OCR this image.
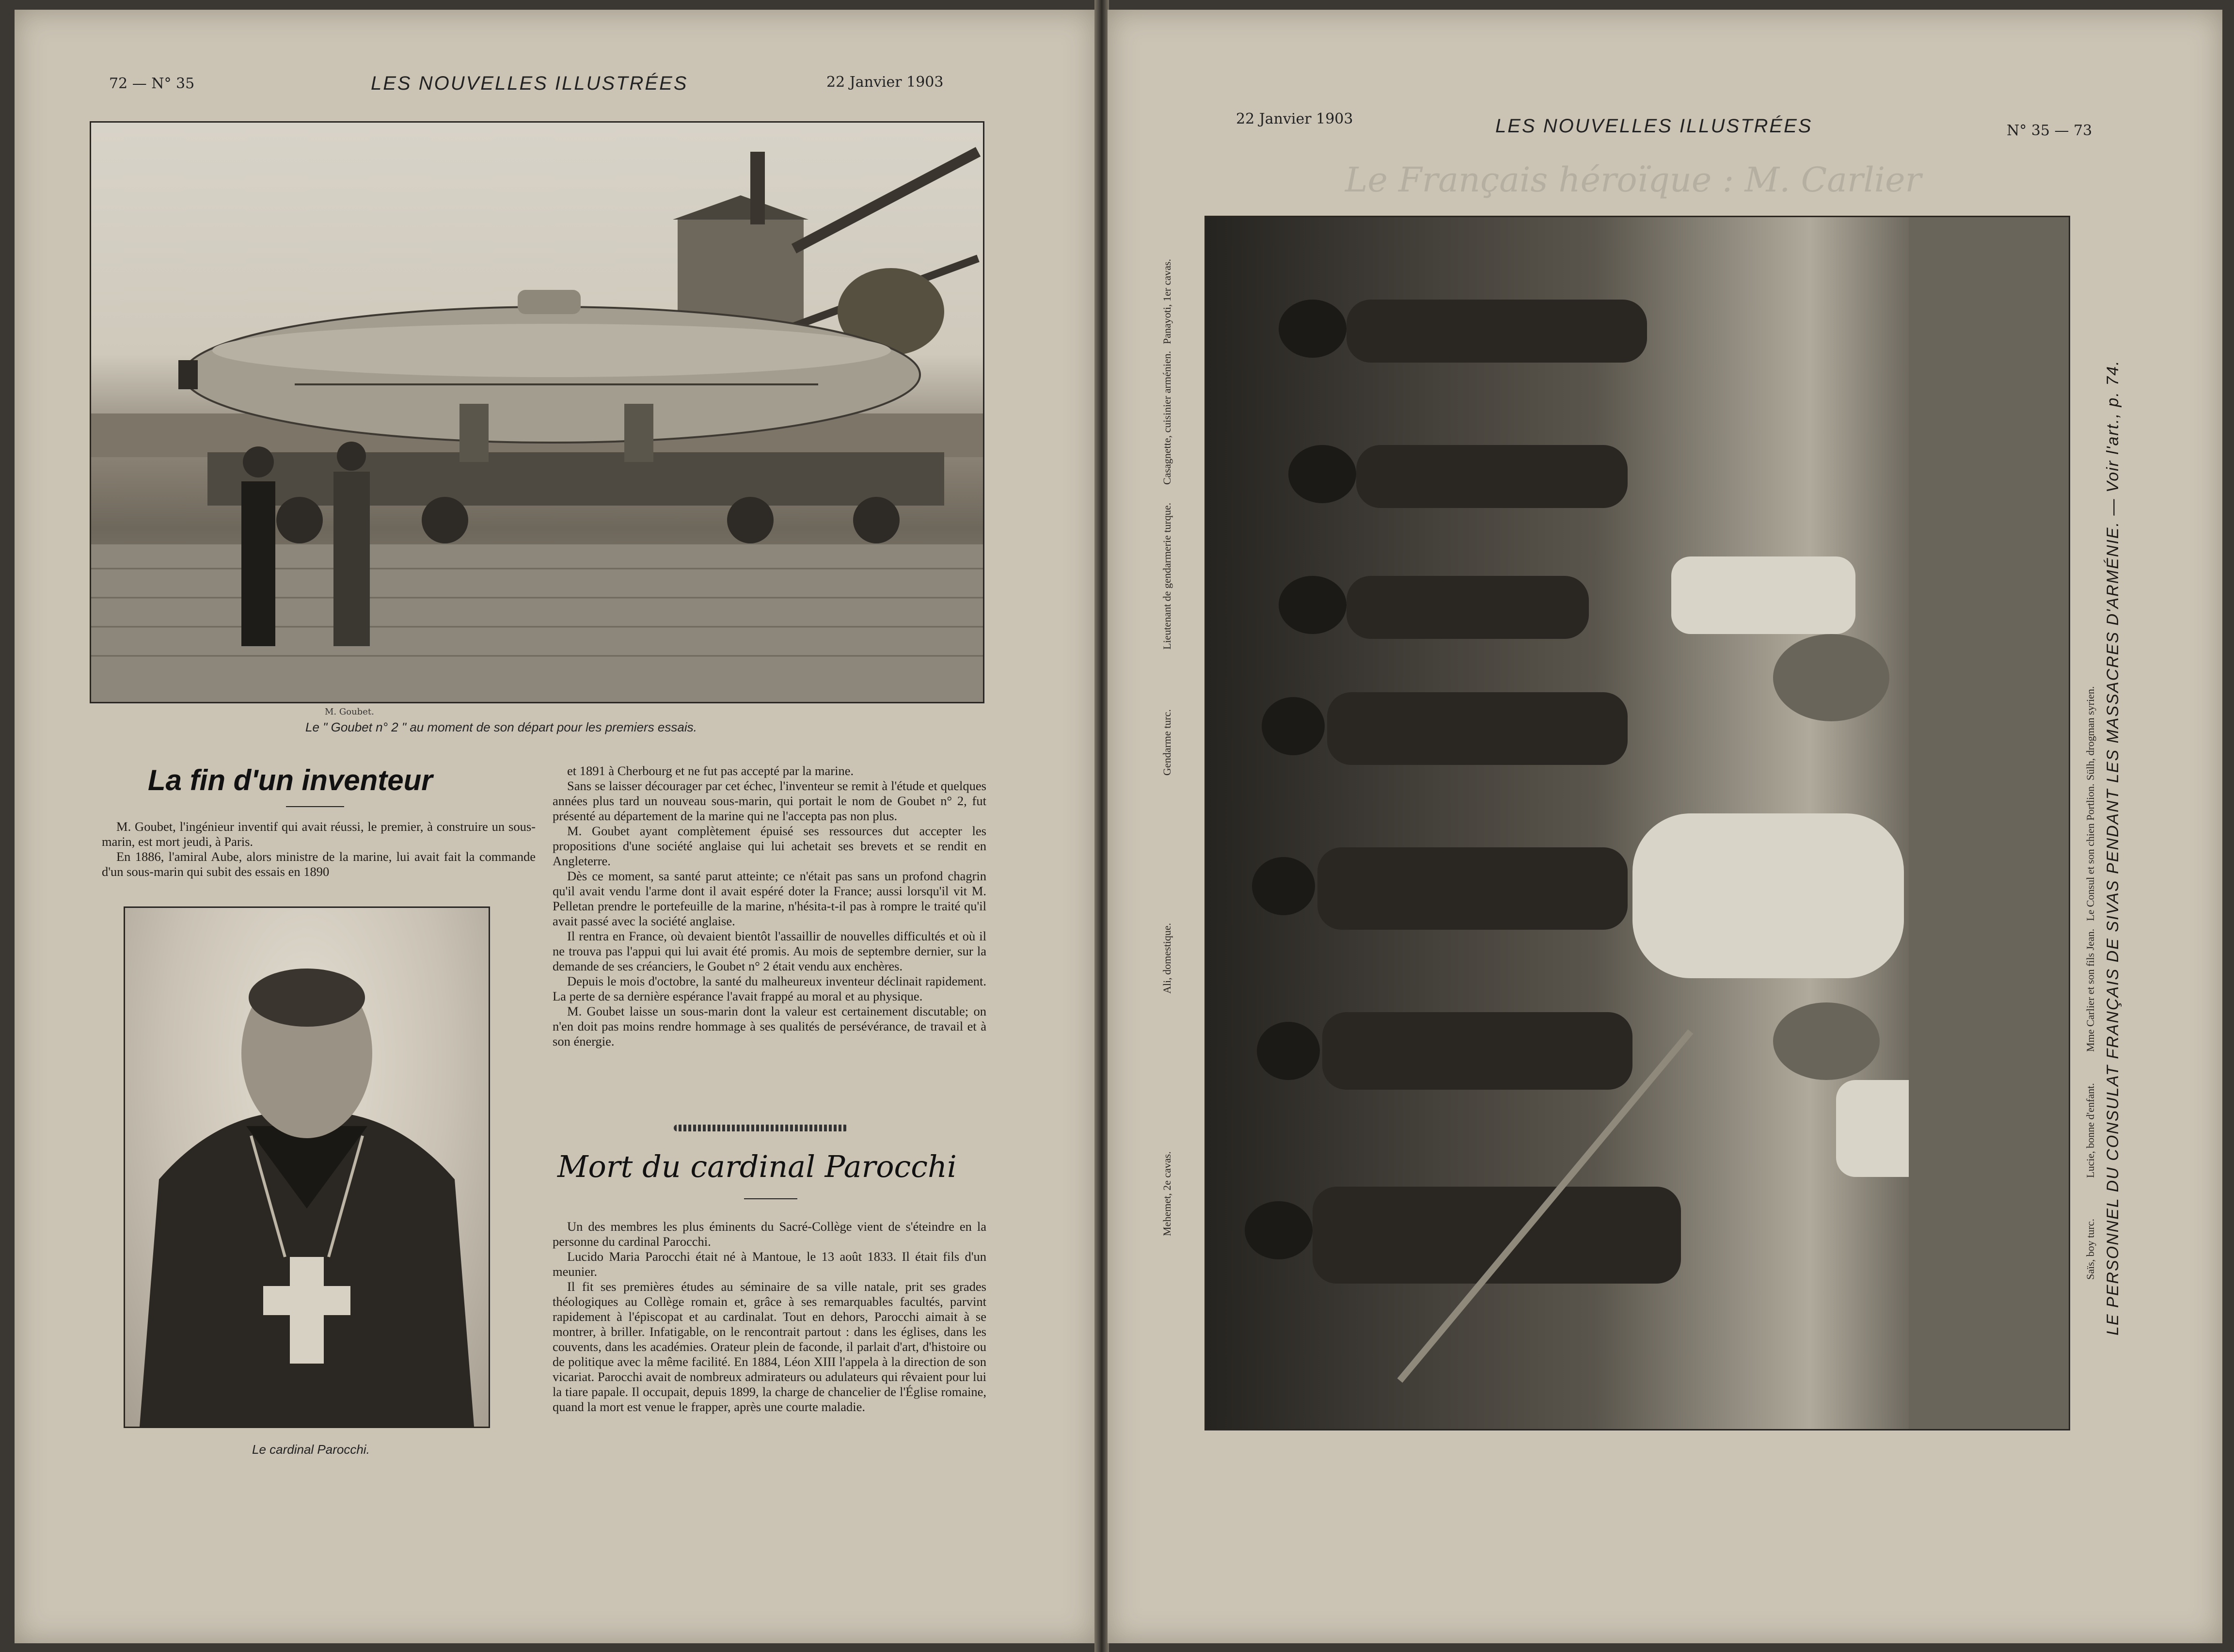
72 — N° 35	LES NOUVELLES ILLUSTRÉES	22 Janvier 1903
M. Goubet.
Le " Goubet n° 2 " au moment de son départ pour les premiers essais.
La fin d'un inventeur

M. Goubet, l'ingénieur inventif qui avait réussi, le premier, à construire un sous-marin, est mort jeudi, à Paris.

En 1886, l'amiral Aube, alors ministre de la marine, lui avait fait la commande d'un sous-marin qui subit des essais en 1890

et 1891 à Cherbourg et ne fut pas accepté par la marine.

Sans se laisser décourager par cet échec, l'inventeur se remit à l'étude et quelques années plus tard un nouveau sous-marin, qui portait le nom de Goubet n° 2, fut présenté au département de la marine qui ne l'accepta pas non plus.

M. Goubet ayant complètement épuisé ses ressources dut accepter les propositions d'une société anglaise qui lui achetait ses brevets et se rendit en Angleterre.

Dès ce moment, sa santé parut atteinte; ce n'était pas sans un profond chagrin qu'il avait vendu l'arme dont il avait espéré doter la France; aussi lorsqu'il vit M. Pelletan prendre le portefeuille de la marine, n'hésita-t-il pas à rompre le traité qu'il avait passé avec la société anglaise.

Il rentra en France, où devaient bientôt l'assaillir de nouvelles difficultés et où il ne trouva pas l'appui qui lui avait été promis. Au mois de septembre dernier, sur la demande de ses créanciers, le Goubet n° 2 était vendu aux enchères.

Depuis le mois d'octobre, la santé du malheureux inventeur déclinait rapidement. La perte de sa dernière espérance l'avait frappé au moral et au physique.

M. Goubet laisse un sous-marin dont la valeur est certainement discutable; on n'en doit pas moins rendre hommage à ses qualités de persévérance, de travail et à son énergie.

Le cardinal Parocchi.
Mort du cardinal Parocchi

Un des membres les plus éminents du Sacré-Collège vient de s'éteindre en la personne du cardinal Parocchi.

Lucido Maria Parocchi était né à Mantoue, le 13 août 1833. Il était fils d'un meunier.

Il fit ses premières études au séminaire de sa ville natale, prit ses grades théologiques au Collège romain et, grâce à ses remarquables facultés, parvint rapidement à l'épiscopat et au cardinalat. Tout en dehors, Parocchi aimait à se montrer, à briller. Infatigable, on le rencontrait partout : dans les églises, dans les couvents, dans les académies. Orateur plein de faconde, il parlait d'art, d'histoire ou de politique avec la même facilité. En 1884, Léon XIII l'appela à la direction de son vicariat. Parocchi avait de nombreux admirateurs ou adulateurs qui rêvaient pour lui la tiare papale. Il occupait, depuis 1899, la charge de chancelier de l'Église romaine, quand la mort est venue le frapper, après une courte maladie.

22 Janvier 1903	LES NOUVELLES ILLUSTRÉES	N° 35 — 73
Le Français héroïque : M. Carlier
Mehemet, 2e cavas.
Ali, domestique.
Gendarme turc.
Lieutenant de gendarmerie turque.
Casagnette, cuisinier arménien.
Panayoti, 1er cavas.
Saïs, boy turc.
Lucie, bonne d'enfant.
Mme Carlier et son fils Jean.
Le Consul et son chien Portlion.
Sülh, drogman syrien. LE PERSONNEL DU CONSULAT FRANÇAIS DE SIVAS PENDANT LES MASSACRES D'ARMÉNIE. — Voir l'art., p. 74.
